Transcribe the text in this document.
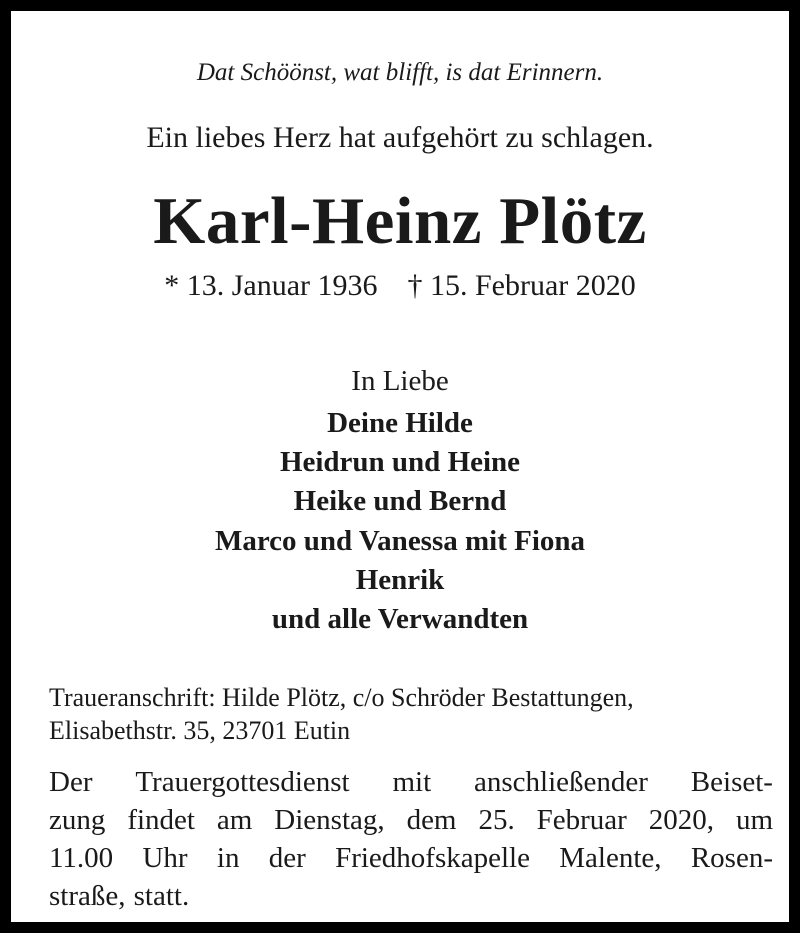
Dat Schöönst, wat blifft, is dat Erinnern.
Ein liebes Herz hat aufgehört zu schlagen.
Karl-Heinz Plötz
* 13. Januar 1936 † 15. Februar 2020
In Liebe
Deine Hilde
Heidrun und Heine
Heike und Bernd
Marco und Vanessa mit Fiona
Henrik
und alle Verwandten
Traueranschrift: Hilde Plötz, c/o Schröder Bestattungen,
Elisabethstr. 35, 23701 Eutin
Der Trauergottesdienst mit anschließender Beiset-
zung findet am Dienstag, dem 25. Februar 2020, um
11.00 Uhr in der Friedhofskapelle Malente, Rosen-
straße, statt.
